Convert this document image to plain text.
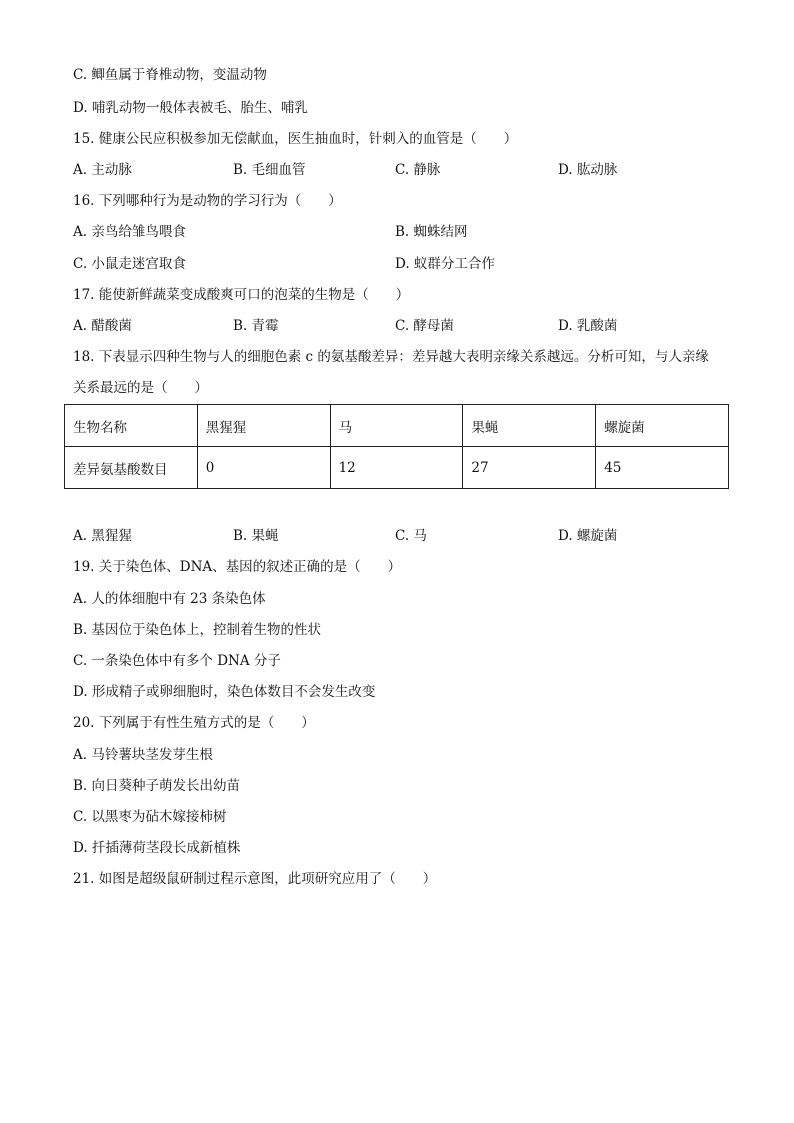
C. 鲫鱼属于脊椎动物，变温动物
D. 哺乳动物一般体表被毛、胎生、哺乳
15. 健康公民应积极参加无偿献血，医生抽血时，针刺入的血管是（　　）
A. 主动脉	B. 毛细血管	C. 静脉	D. 肱动脉
16. 下列哪种行为是动物的学习行为（　　）
A. 亲鸟给雏鸟喂食	B. 蜘蛛结网
C. 小鼠走迷宫取食	D. 蚁群分工合作
17. 能使新鲜蔬菜变成酸爽可口的泡菜的生物是（　　）
A. 醋酸菌	B. 青霉	C. 酵母菌	D. 乳酸菌
18. 下表显示四种生物与人的细胞色素 c 的氨基酸差异：差异越大表明亲缘关系越远。分析可知，与人亲缘
关系最远的是（　　）
生物名称	黑猩猩	马	果蝇	螺旋菌
差异氨基酸数目	0	12	27	45
A. 黑猩猩	B. 果蝇	C. 马	D. 螺旋菌
19. 关于染色体、DNA、基因的叙述正确的是（　　）
A. 人的体细胞中有 23 条染色体
B. 基因位于染色体上，控制着生物的性状
C. 一条染色体中有多个 DNA 分子
D. 形成精子或卵细胞时，染色体数目不会发生改变
20. 下列属于有性生殖方式的是（　　）
A. 马铃薯块茎发芽生根
B. 向日葵种子萌发长出幼苗
C. 以黑枣为砧木嫁接柿树
D. 扦插薄荷茎段长成新植株
21. 如图是超级鼠研制过程示意图，此项研究应用了（　　）
